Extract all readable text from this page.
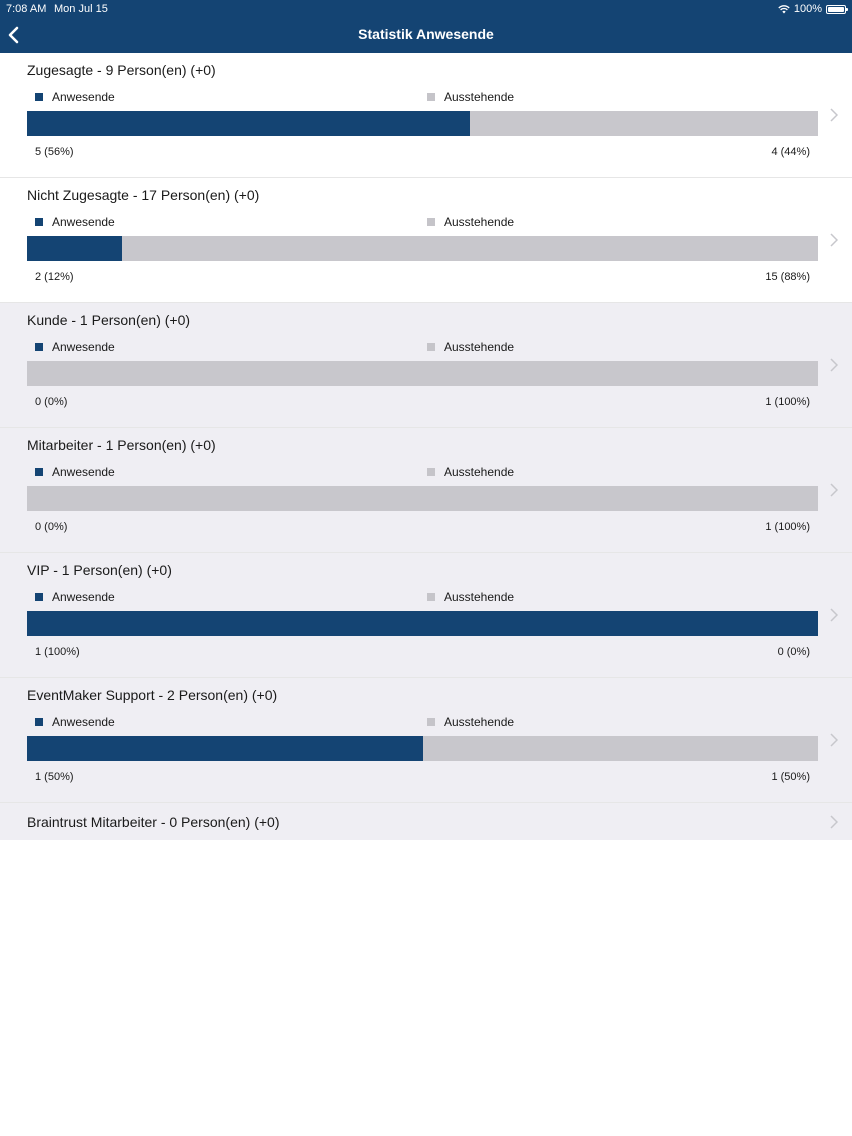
7:08 AM Mon Jul 15	100%
Statistik Anwesende
Zugesagte - 9 Person(en) (+0)
Anwesende	Ausstehende
5 (56%)	4 (44%)
Nicht Zugesagte - 17 Person(en) (+0)
Anwesende	Ausstehende
2 (12%)	15 (88%)
Kunde - 1 Person(en) (+0)
Anwesende	Ausstehende
0 (0%)	1 (100%)
Mitarbeiter - 1 Person(en) (+0)
Anwesende	Ausstehende
0 (0%)	1 (100%)
VIP - 1 Person(en) (+0)
Anwesende	Ausstehende
1 (100%)	0 (0%)
EventMaker Support - 2 Person(en) (+0)
Anwesende	Ausstehende
1 (50%)	1 (50%)
Braintrust Mitarbeiter - 0 Person(en) (+0)
